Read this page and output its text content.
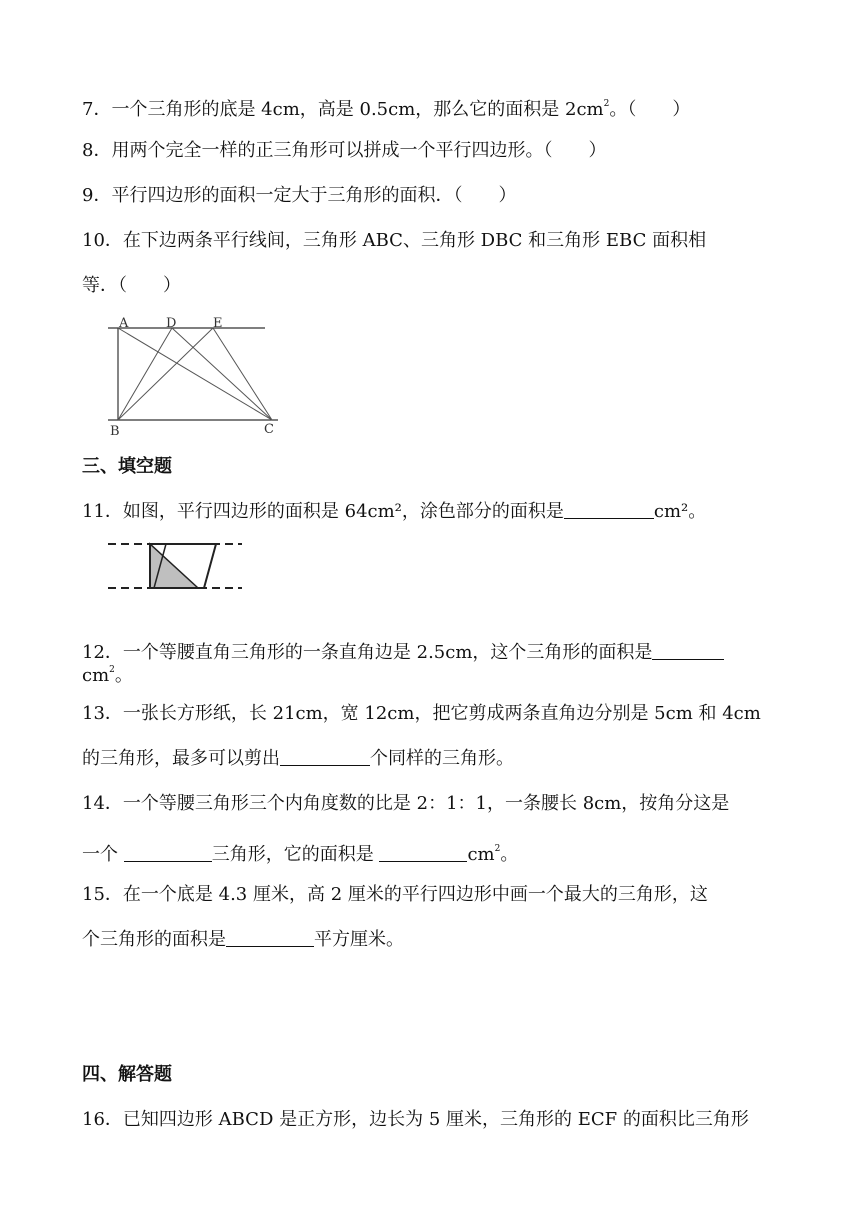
7．一个三角形的底是 4cm，高是 0.5cm，那么它的面积是 $2cm^2$。（　　）
8．用两个完全一样的正三角形可以拼成一个平行四边形。（　　）
9．平行四边形的面积一定大于三角形的面积．（　　）
10．在下边两条平行线间，三角形 ABC、三角形 DBC 和三角形 EBC 面积相
等．（　　）
A	D	E
B	C
三、填空题
11．如图，平行四边形的面积是 64cm²，涂色部分的面积是	cm²。
12．一个等腰直角三角形的一条直角边是 2.5cm，这个三角形的面积是
$cm^2$。
13．一张长方形纸，长 21cm，宽 12cm，把它剪成两条直角边分别是 5cm 和 4cm
的三角形，最多可以剪出	个同样的三角形。
14．一个等腰三角形三个内角度数的比是 2：1：1，一条腰长 8cm，按角分这是
一个	三角形，它的面积是	$cm^2$。
15．在一个底是 4.3 厘米，高 2 厘米的平行四边形中画一个最大的三角形，这
个三角形的面积是	平方厘米。
四、解答题
16．已知四边形 ABCD 是正方形，边长为 5 厘米，三角形的 ECF 的面积比三角形
